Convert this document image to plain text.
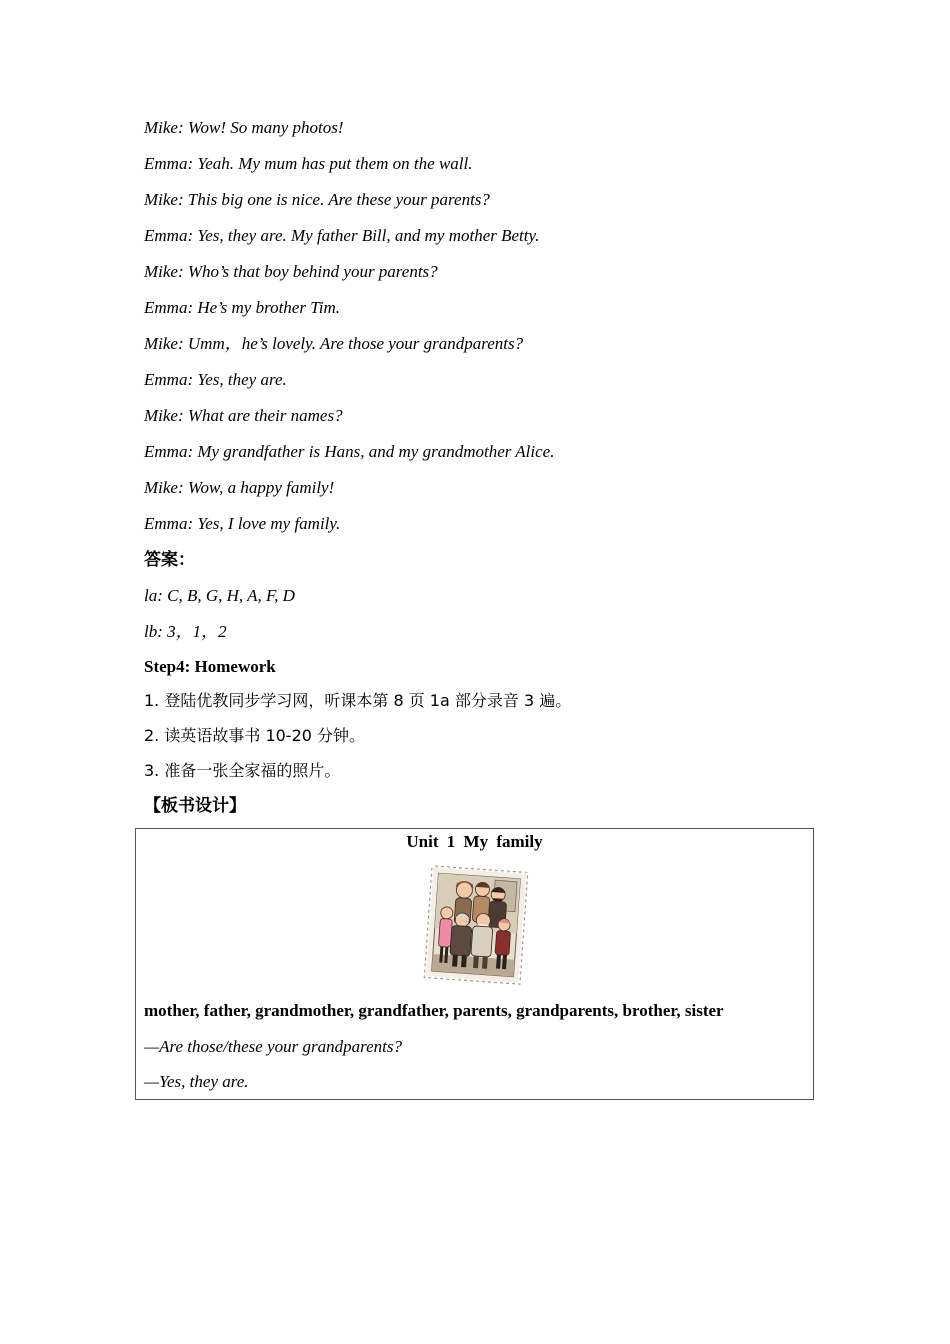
Mike: Wow! So many photos!
Emma: Yeah. My mum has put them on the wall.
Mike: This big one is nice. Are these your parents?
Emma: Yes, they are. My father Bill, and my mother Betty.
Mike: Who’s that boy behind your parents?
Emma: He’s my brother Tim.
Mike: Umm，he’s lovely. Are those your grandparents?
Emma: Yes, they are.
Mike: What are their names?
Emma: My grandfather is Hans, and my grandmother Alice.
Mike: Wow, a happy family!
Emma: Yes, I love my family.
答案：
la: C, B, G, H, A, F, D
lb: 3，1，2
Step4: Homework
1. 登陆优教同步学习网，听课本第 8 页 1a 部分录音 3 遍。
2. 读英语故事书 10-20 分钟。
3. 准备一张全家福的照片。
【板书设计】
Unit 1 My family
mother, father, grandmother, grandfather, parents, grandparents, brother, sister
—Are those/these your grandparents?
—Yes, they are.
